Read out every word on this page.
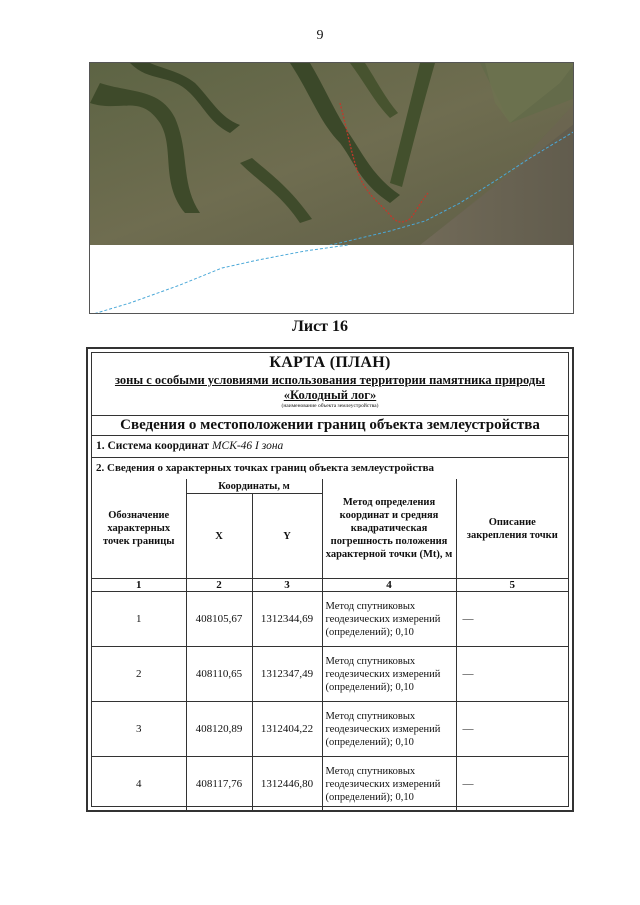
9
Лист 16
КАРТА (ПЛАН)
зоны с особыми условиями использования территории памятника природы
«Колодный лог»
(наименование объекта землеустройства)
Сведения о местоположении границ объекта землеустройства
1. Система координат МСК-46 I зона
2. Сведения о характерных точках границ объекта землеустройства
Обозначение характерных точек границы	Координаты, м		Метод определения координат и средняя квадратическая погрешность положения характерной точки (Mt), м	Описание закрепления точки
	X	Y		
1	2	3	4	5
1	408105,67	1312344,69	Метод спутниковых геодезических измерений (определений); 0,10	—
2	408110,65	1312347,49	Метод спутниковых геодезических измерений (определений); 0,10	—
3	408120,89	1312404,22	Метод спутниковых геодезических измерений (определений); 0,10	—
4	408117,76	1312446,80	Метод спутниковых геодезических измерений (определений); 0,10	—
